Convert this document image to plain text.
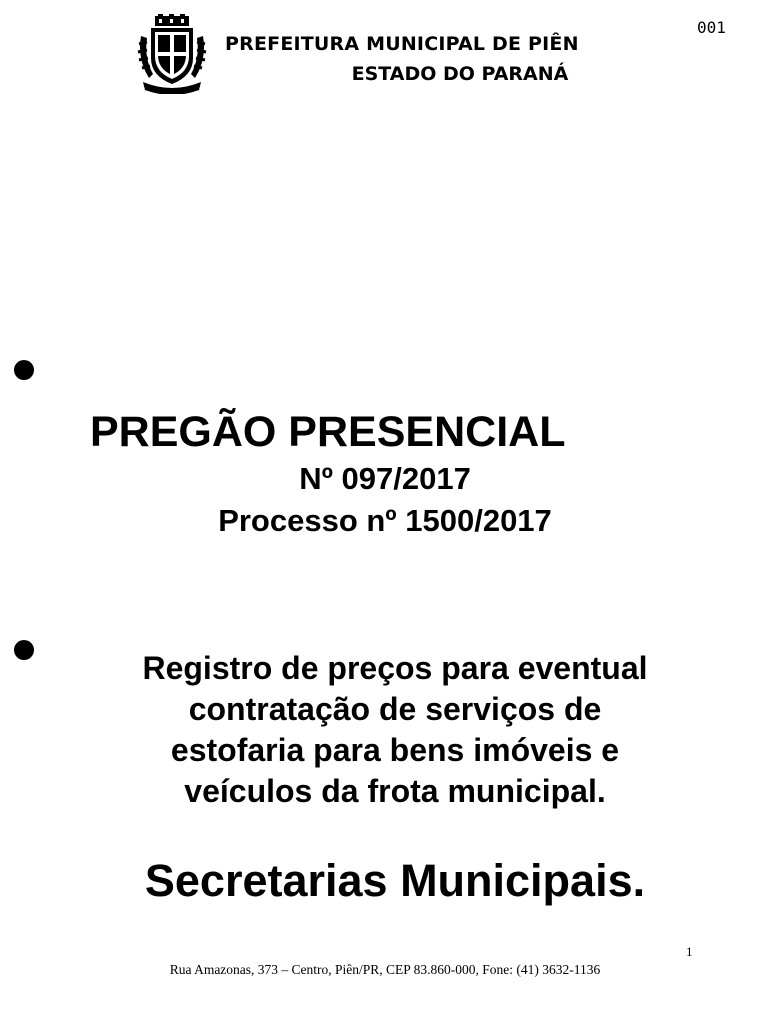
PREFEITURA MUNICIPAL DE PIÊN
ESTADO DO PARANÁ
001
PREGÃO PRESENCIAL
Nº 097/2017
Processo nº 1500/2017
Registro de preços para eventual
contratação de serviços de
estofaria para bens imóveis e
veículos da frota municipal.
Secretarias Municipais.
1
Rua Amazonas, 373 – Centro, Piên/PR, CEP 83.860-000, Fone: (41) 3632-1136
